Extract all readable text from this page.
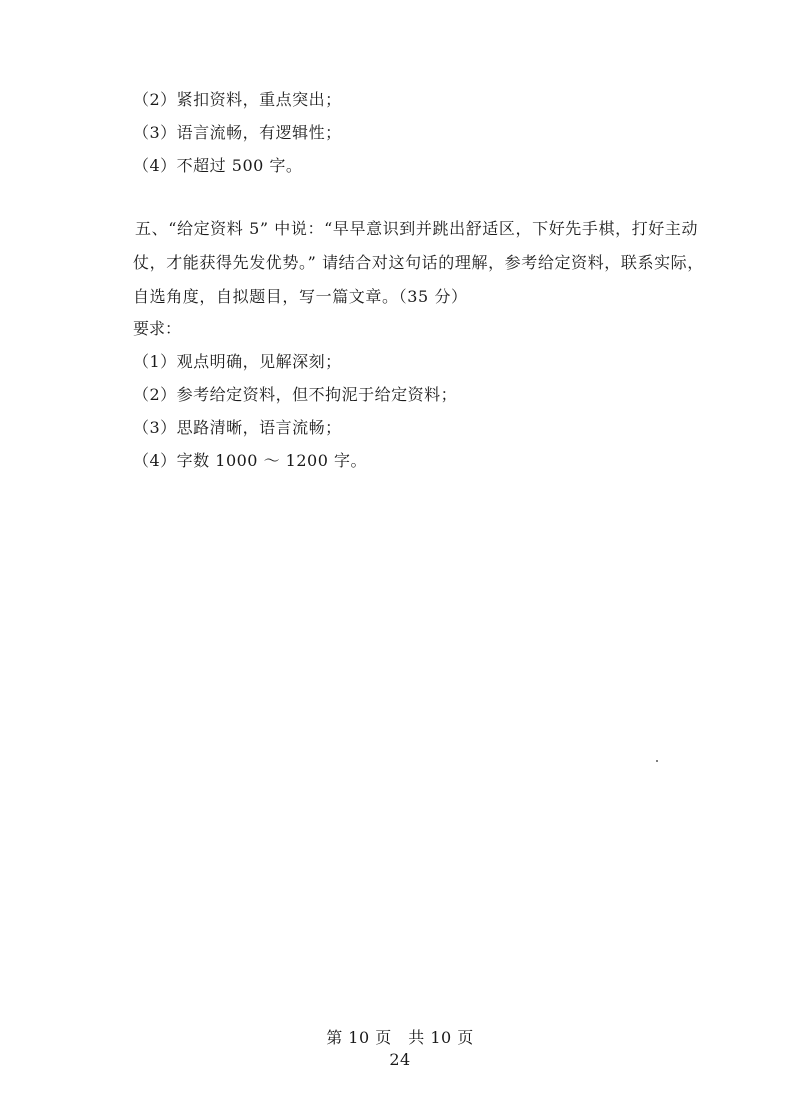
（2）紧扣资料，重点突出；
（3）语言流畅，有逻辑性；
（4）不超过 500 字。
五、“给定资料 5” 中说：“早早意识到并跳出舒适区，下好先手棋，打好主动仗，才能获得先发优势。” 请结合对这句话的理解，参考给定资料，联系实际，自选角度，自拟题目，写一篇文章。（35 分）
要求：
（1）观点明确，见解深刻；
（2）参考给定资料，但不拘泥于给定资料；
（3）思路清晰，语言流畅；
（4）字数 1000 ～ 1200 字。
第 10 页　共 10 页
24
